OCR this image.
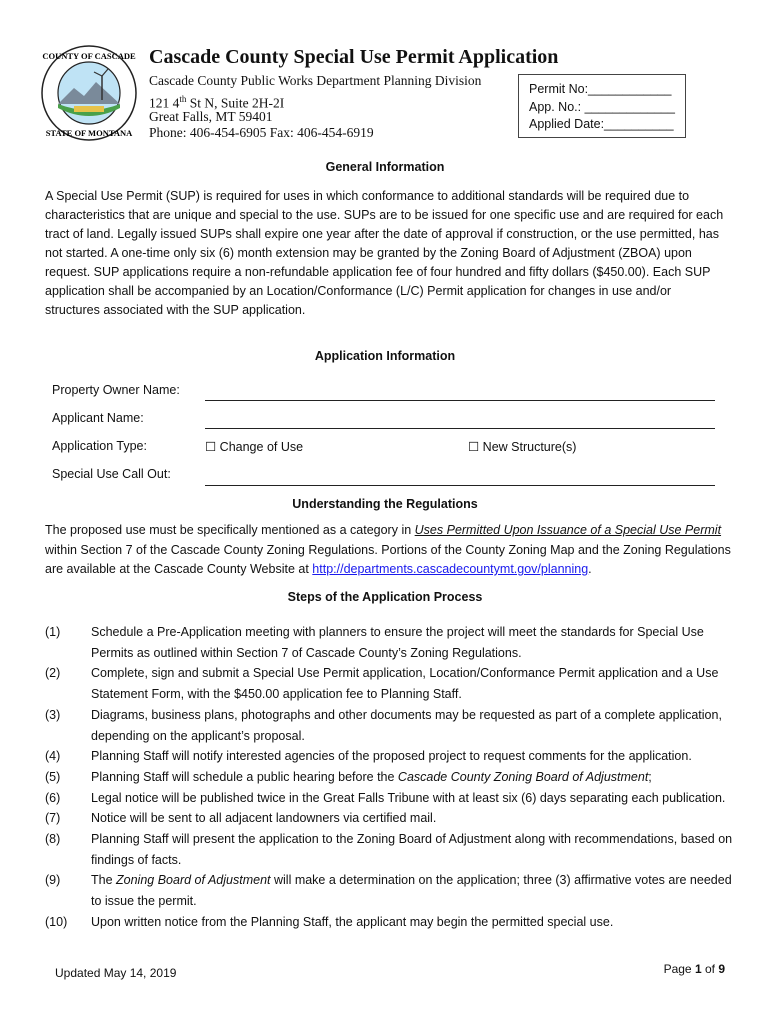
COUNTY OF CASCADE
STATE OF MONTANA
Cascade County Special Use Permit Application
Cascade County Public Works Department Planning Division
121 4th St N, Suite 2H-2I
Great Falls, MT 59401
Phone: 406-454-6905 Fax: 406-454-6919
Permit No:____________
App. No.: _____________
Applied Date:__________
General Information
A Special Use Permit (SUP) is required for uses in which conformance to additional standards will be required due to characteristics that are unique and special to the use. SUPs are to be issued for one specific use and are required for each tract of land. Legally issued SUPs shall expire one year after the date of approval if construction, or the use permitted, has not started. A one-time only six (6) month extension may be granted by the Zoning Board of Adjustment (ZBOA) upon request. SUP applications require a non-refundable application fee of four hundred and fifty dollars ($450.00). Each SUP application shall be accompanied by an Location/Conformance (L/C) Permit application for changes in use and/or structures associated with the SUP application.
Application Information
Property Owner Name:
Applicant Name:
Application Type:	☐ Change of Use	☐ New Structure(s)
Special Use Call Out:
Understanding the Regulations
The proposed use must be specifically mentioned as a category in Uses Permitted Upon Issuance of a Special Use Permit within Section 7 of the Cascade County Zoning Regulations. Portions of the County Zoning Map and the Zoning Regulations are available at the Cascade County Website at http://departments.cascadecountymt.gov/planning.
Steps of the Application Process
(1)	Schedule a Pre-Application meeting with planners to ensure the project will meet the standards for Special Use Permits as outlined within Section 7 of Cascade County’s Zoning Regulations.
(2)	Complete, sign and submit a Special Use Permit application, Location/Conformance Permit application and a Use Statement Form, with the $450.00 application fee to Planning Staff.
(3)	Diagrams, business plans, photographs and other documents may be requested as part of a complete application, depending on the applicant’s proposal.
(4)	Planning Staff will notify interested agencies of the proposed project to request comments for the application.
(5)	Planning Staff will schedule a public hearing before the Cascade County Zoning Board of Adjustment;
(6)	Legal notice will be published twice in the Great Falls Tribune with at least six (6) days separating each publication.
(7)	Notice will be sent to all adjacent landowners via certified mail.
(8)	Planning Staff will present the application to the Zoning Board of Adjustment along with recommendations, based on findings of facts.
(9)	The Zoning Board of Adjustment will make a determination on the application; three (3) affirmative votes are needed to issue the permit.
(10)	Upon written notice from the Planning Staff, the applicant may begin the permitted special use.
Updated May 14, 2019	Page 1 of 9
